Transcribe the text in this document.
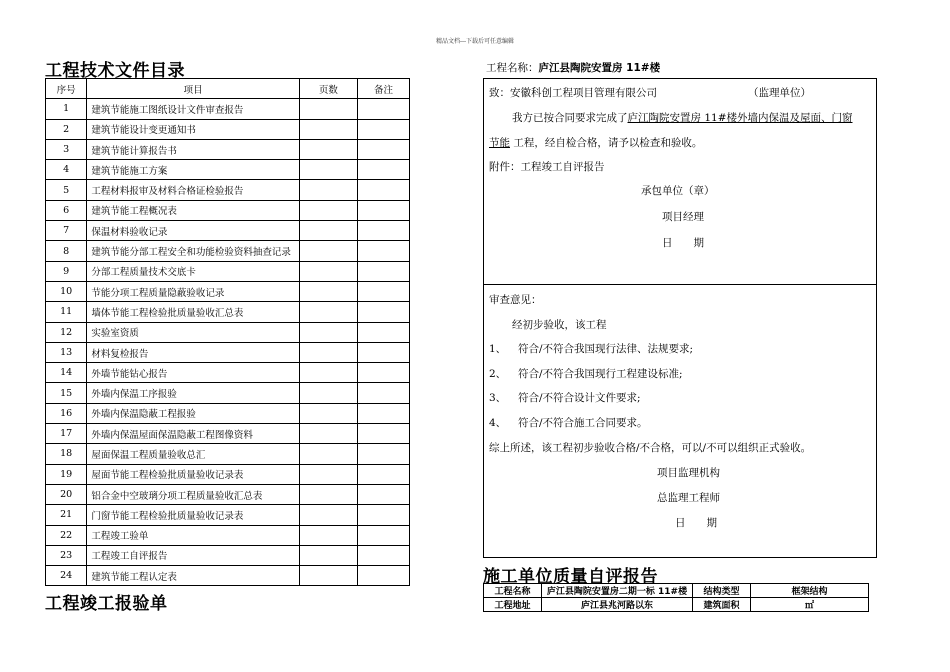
精品文档---下载后可任意编辑
工程技术文件目录
序号	项目	页数	备注
1	建筑节能施工图纸设计文件审查报告		
2	建筑节能设计变更通知书		
3	建筑节能计算报告书		
4	建筑节能施工方案		
5	工程材料报审及材料合格证检验报告		
6	建筑节能工程概况表		
7	保温材料验收记录		
8	建筑节能分部工程安全和功能检验资料抽查记录		
9	分部工程质量技术交底卡		
10	节能分项工程质量隐蔽验收记录		
11	墙体节能工程检验批质量验收汇总表		
12	实验室资质		
13	材料复检报告		
14	外墙节能钻心报告		
15	外墙内保温工序报验		
16	外墙内保温隐蔽工程报验		
17	外墙内保温屋面保温隐蔽工程图像资料		
18	屋面保温工程质量验收总汇		
19	屋面节能工程检验批质量验收记录表		
20	铝合金中空玻璃分项工程质量验收汇总表		
21	门窗节能工程检验批质量验收记录表		
22	工程竣工验单		
23	工程竣工自评报告		
24	建筑节能工程认定表		
工程竣工报验单
工程名称：庐江县陶院安置房 11#楼
致：安徽科创工程项目管理有限公司	（监理单位）
我方已按合同要求完成了庐江陶院安置房 11#楼外墙内保温及屋面、门窗
节能 工程，经自检合格，请予以检查和验收。
附件：工程竣工自评报告
承包单位（章）
项目经理
日　　期
审查意见：
经初步验收，该工程
1、 符合/不符合我国现行法律、法规要求;
2、 符合/不符合我国现行工程建设标准;
3、 符合/不符合设计文件要求;
4、 符合/不符合施工合同要求。
综上所述，该工程初步验收合格/不合格，可以/不可以组织正式验收。
项目监理机构
总监理工程师
日　　期
施工单位质量自评报告
工程名称	庐江县陶院安置房二期一标 11#楼	结构类型	框架结构
工程地址	庐江县兆河路以东	建筑面积	㎡
